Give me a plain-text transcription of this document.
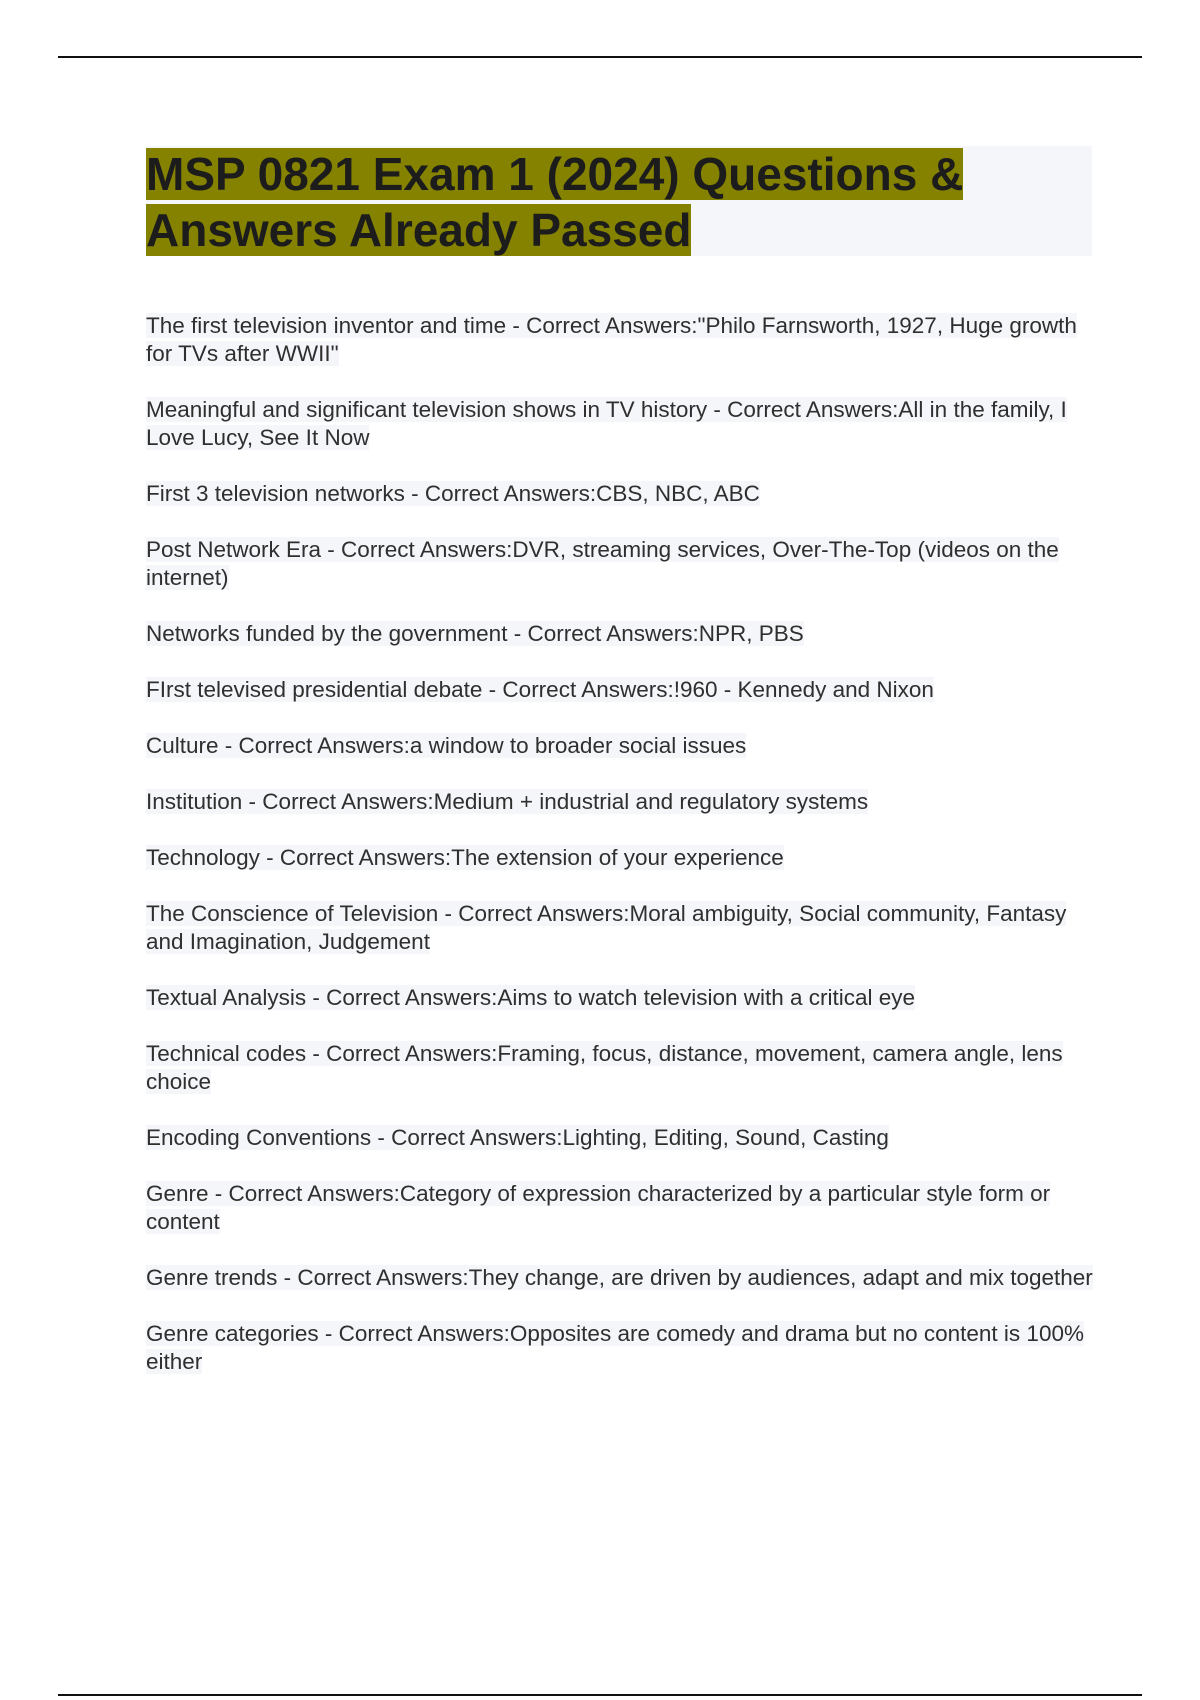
MSP 0821 Exam 1 (2024) Questions & Answers Already Passed
The first television inventor and time - Correct Answers:"Philo Farnsworth, 1927, Huge growth for TVs after WWII"
Meaningful and significant television shows in TV history - Correct Answers:All in the family, I Love Lucy, See It Now
First 3 television networks - Correct Answers:CBS, NBC, ABC
Post Network Era - Correct Answers:DVR, streaming services, Over-The-Top (videos on the internet)
Networks funded by the government - Correct Answers:NPR, PBS
FIrst televised presidential debate - Correct Answers:!960 - Kennedy and Nixon
Culture - Correct Answers:a window to broader social issues
Institution - Correct Answers:Medium + industrial and regulatory systems
Technology - Correct Answers:The extension of your experience
The Conscience of Television - Correct Answers:Moral ambiguity, Social community, Fantasy and Imagination, Judgement
Textual Analysis - Correct Answers:Aims to watch television with a critical eye
Technical codes - Correct Answers:Framing, focus, distance, movement, camera angle, lens choice
Encoding Conventions - Correct Answers:Lighting, Editing, Sound, Casting
Genre - Correct Answers:Category of expression characterized by a particular style form or content
Genre trends - Correct Answers:They change, are driven by audiences, adapt and mix together
Genre categories - Correct Answers:Opposites are comedy and drama but no content is 100% either
